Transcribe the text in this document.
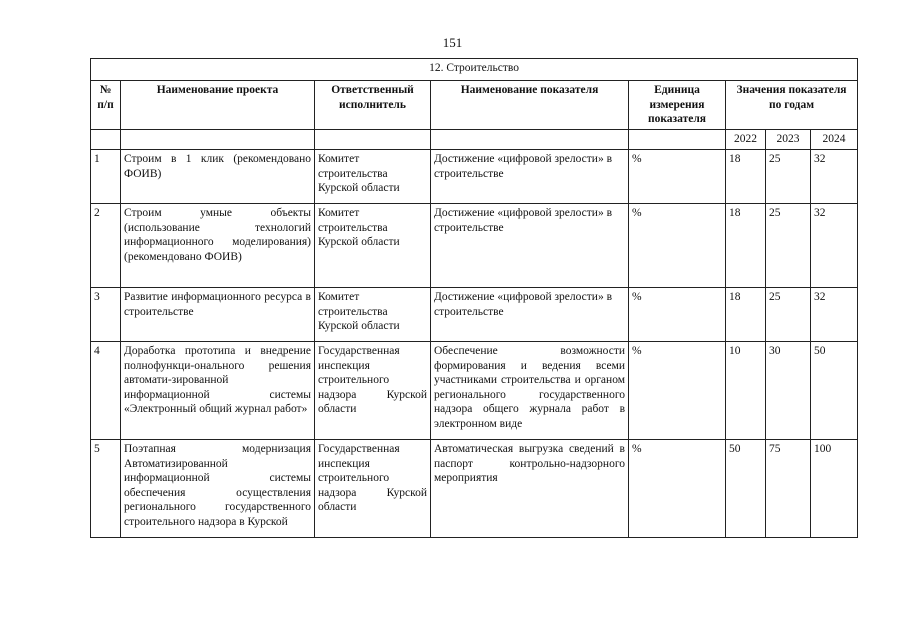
151
12. Строительство							
№ п/п	Наименование проекта	Ответственный исполнитель	Наименование показателя	Единица измерения показателя	Значения показателя по годам		
					2022	2023	2024
1	Строим в 1 клик (рекомендовано ФОИВ)	Комитет строительства Курской области	Достижение «цифровой зрелости» в строительстве	%	18	25	32
2	Строим умные объекты (использование технологий информационного моделирования) (рекомендовано ФОИВ)	Комитет строительства Курской области	Достижение «цифровой зрелости» в строительстве	%	18	25	32
3	Развитие информационного ресурса в строительстве	Комитет строительства Курской области	Достижение «цифровой зрелости» в строительстве	%	18	25	32
4	Доработка прототипа и внедрение полнофункци-онального решения автомати-зированной информационной системы «Электронный общий журнал работ»	Государственная инспекция строительного надзора Курской области	Обеспечение возможности формирования и ведения всеми участниками строительства и органом регионального государственного надзора общего журнала работ в электронном виде	%	10	30	50
5	Поэтапная модернизация Автоматизированной информационной системы обеспечения осуществления регионального государственного строительного надзора в Курской	Государственная инспекция строительного надзора Курской области	Автоматическая выгрузка сведений в паспорт контрольно-надзорного мероприятия	%	50	75	100
